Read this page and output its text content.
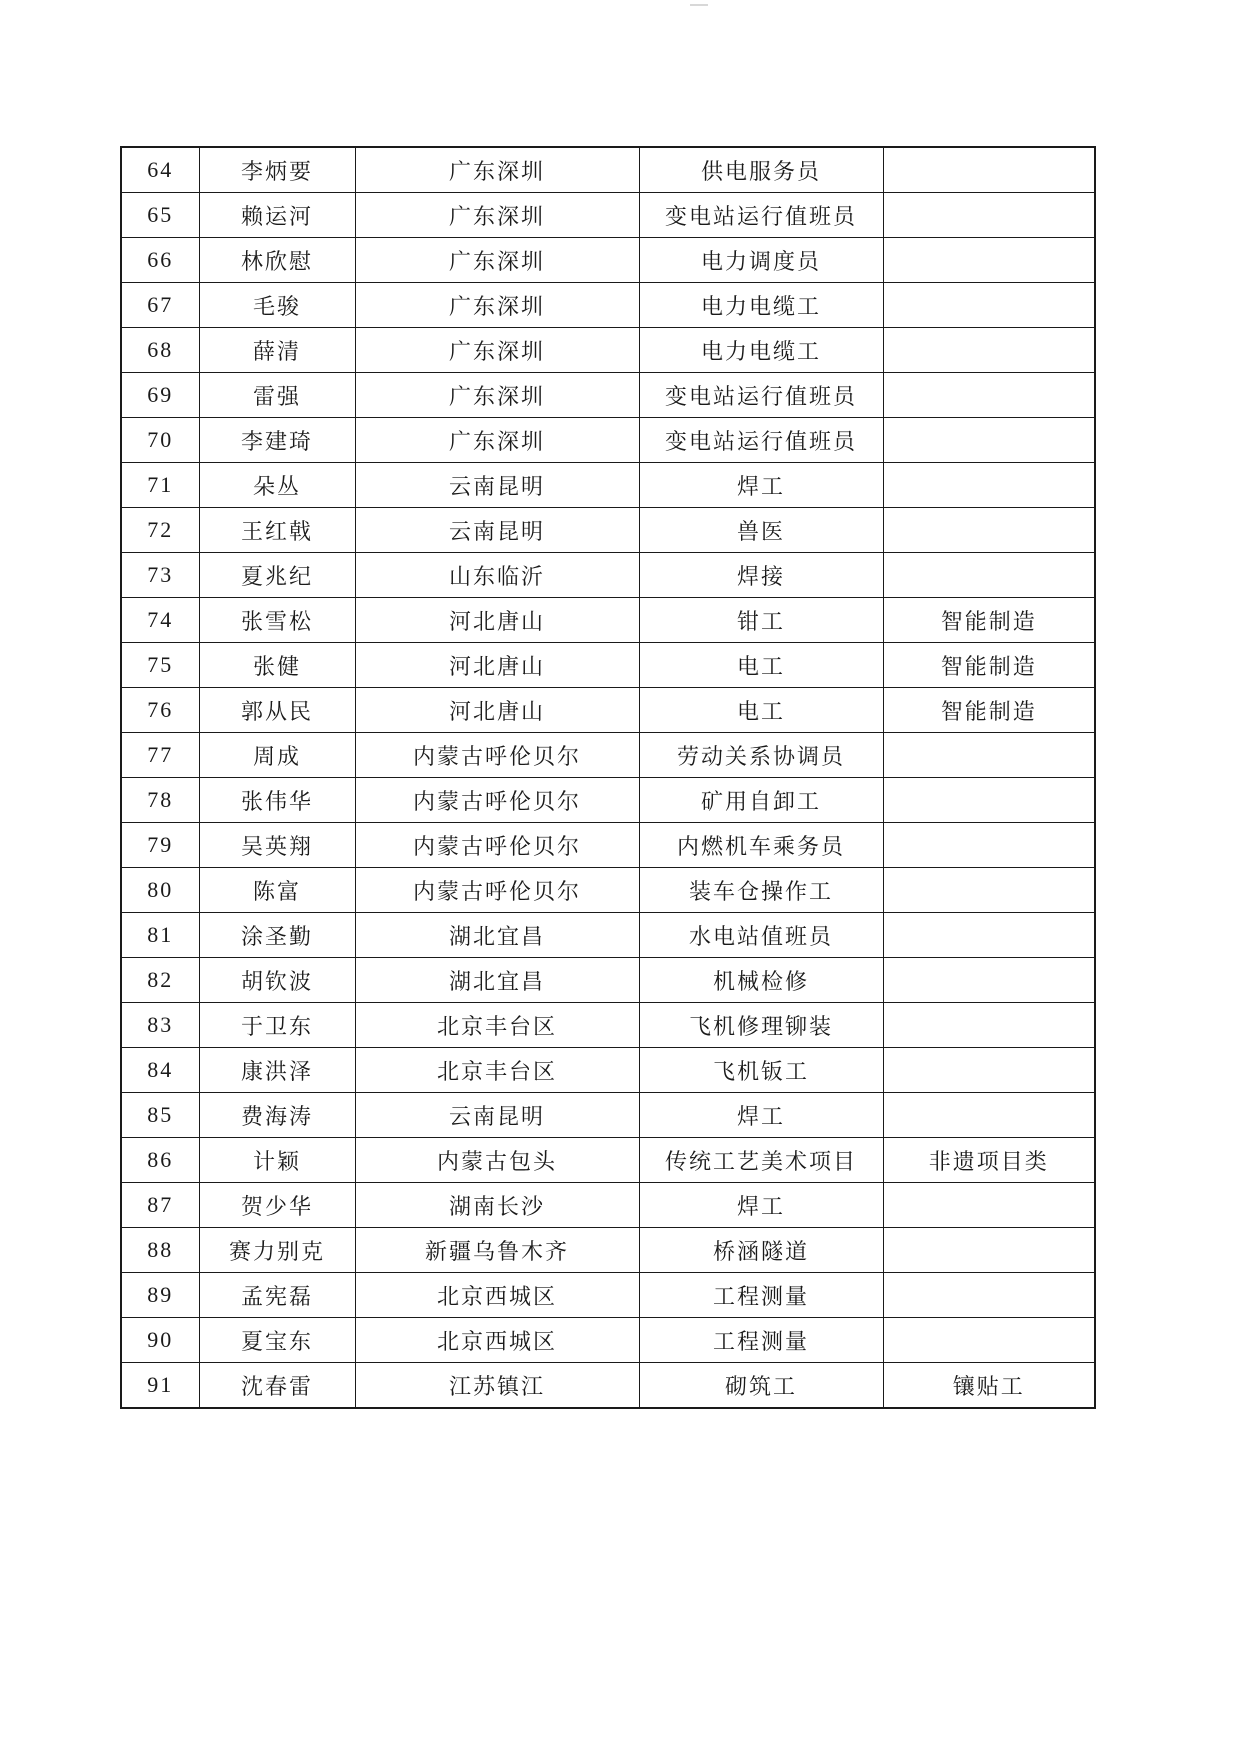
64	李炳要	广东深圳	供电服务员	
65	赖运河	广东深圳	变电站运行值班员	
66	林欣慰	广东深圳	电力调度员	
67	毛骏	广东深圳	电力电缆工	
68	薛清	广东深圳	电力电缆工	
69	雷强	广东深圳	变电站运行值班员	
70	李建琦	广东深圳	变电站运行值班员	
71	朵丛	云南昆明	焊工	
72	王红戟	云南昆明	兽医	
73	夏兆纪	山东临沂	焊接	
74	张雪松	河北唐山	钳工	智能制造
75	张健	河北唐山	电工	智能制造
76	郭从民	河北唐山	电工	智能制造
77	周成	内蒙古呼伦贝尔	劳动关系协调员	
78	张伟华	内蒙古呼伦贝尔	矿用自卸工	
79	吴英翔	内蒙古呼伦贝尔	内燃机车乘务员	
80	陈富	内蒙古呼伦贝尔	装车仓操作工	
81	涂圣勤	湖北宜昌	水电站值班员	
82	胡钦波	湖北宜昌	机械检修	
83	于卫东	北京丰台区	飞机修理铆装	
84	康洪泽	北京丰台区	飞机钣工	
85	费海涛	云南昆明	焊工	
86	计颖	内蒙古包头	传统工艺美术项目	非遗项目类
87	贺少华	湖南长沙	焊工	
88	赛力别克	新疆乌鲁木齐	桥涵隧道	
89	孟宪磊	北京西城区	工程测量	
90	夏宝东	北京西城区	工程测量	
91	沈春雷	江苏镇江	砌筑工	镶贴工
